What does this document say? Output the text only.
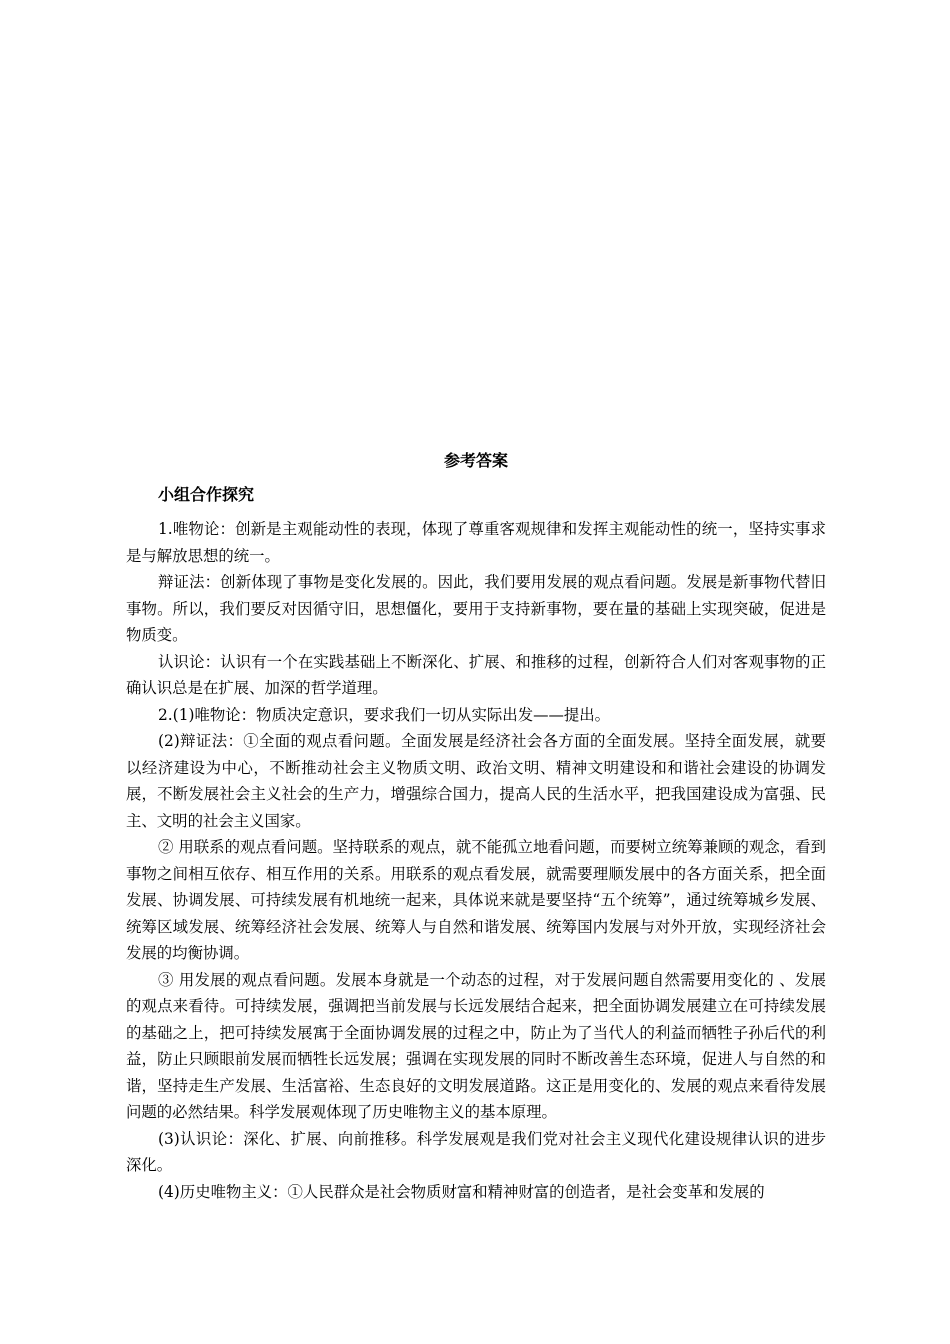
参考答案
小组合作探究

1.唯物论：创新是主观能动性的表现，体现了尊重客观规律和发挥主观能动性的统一，坚持实事求是与解放思想的统一。

辩证法：创新体现了事物是变化发展的。因此，我们要用发展的观点看问题。发展是新事物代替旧事物。所以，我们要反对因循守旧，思想僵化，要用于支持新事物，要在量的基础上实现突破，促进是物质变。

认识论：认识有一个在实践基础上不断深化、扩展、和推移的过程，创新符合人们对客观事物的正确认识总是在扩展、加深的哲学道理。

2.(1)唯物论：物质决定意识，要求我们一切从实际出发——提出。

(2)辩证法：①全面的观点看问题。全面发展是经济社会各方面的全面发展。坚持全面发展，就要以经济建设为中心，不断推动社会主义物质文明、政治文明、精神文明建设和和谐社会建设的协调发展，不断发展社会主义社会的生产力，增强综合国力，提高人民的生活水平，把我国建设成为富强、民主、文明的社会主义国家。

② 用联系的观点看问题。坚持联系的观点，就不能孤立地看问题，而要树立统筹兼顾的观念，看到事物之间相互依存、相互作用的关系。用联系的观点看发展，就需要理顺发展中的各方面关系，把全面发展、协调发展、可持续发展有机地统一起来，具体说来就是要坚持“五个统筹”，通过统筹城乡发展、统筹区域发展、统筹经济社会发展、统筹人与自然和谐发展、统筹国内发展与对外开放，实现经济社会发展的均衡协调。

③ 用发展的观点看问题。发展本身就是一个动态的过程，对于发展问题自然需要用变化的 、发展的观点来看待。可持续发展，强调把当前发展与长远发展结合起来，把全面协调发展建立在可持续发展的基础之上，把可持续发展寓于全面协调发展的过程之中，防止为了当代人的利益而牺牲子孙后代的利益，防止只顾眼前发展而牺牲长远发展；强调在实现发展的同时不断改善生态环境，促进人与自然的和谐，坚持走生产发展、生活富裕、生态良好的文明发展道路。这正是用变化的、发展的观点来看待发展问题的必然结果。科学发展观体现了历史唯物主义的基本原理。

(3)认识论：深化、扩展、向前推移。科学发展观是我们党对社会主义现代化建设规律认识的进步深化。

(4)历史唯物主义：①人民群众是社会物质财富和精神财富的创造者，是社会变革和发展的
